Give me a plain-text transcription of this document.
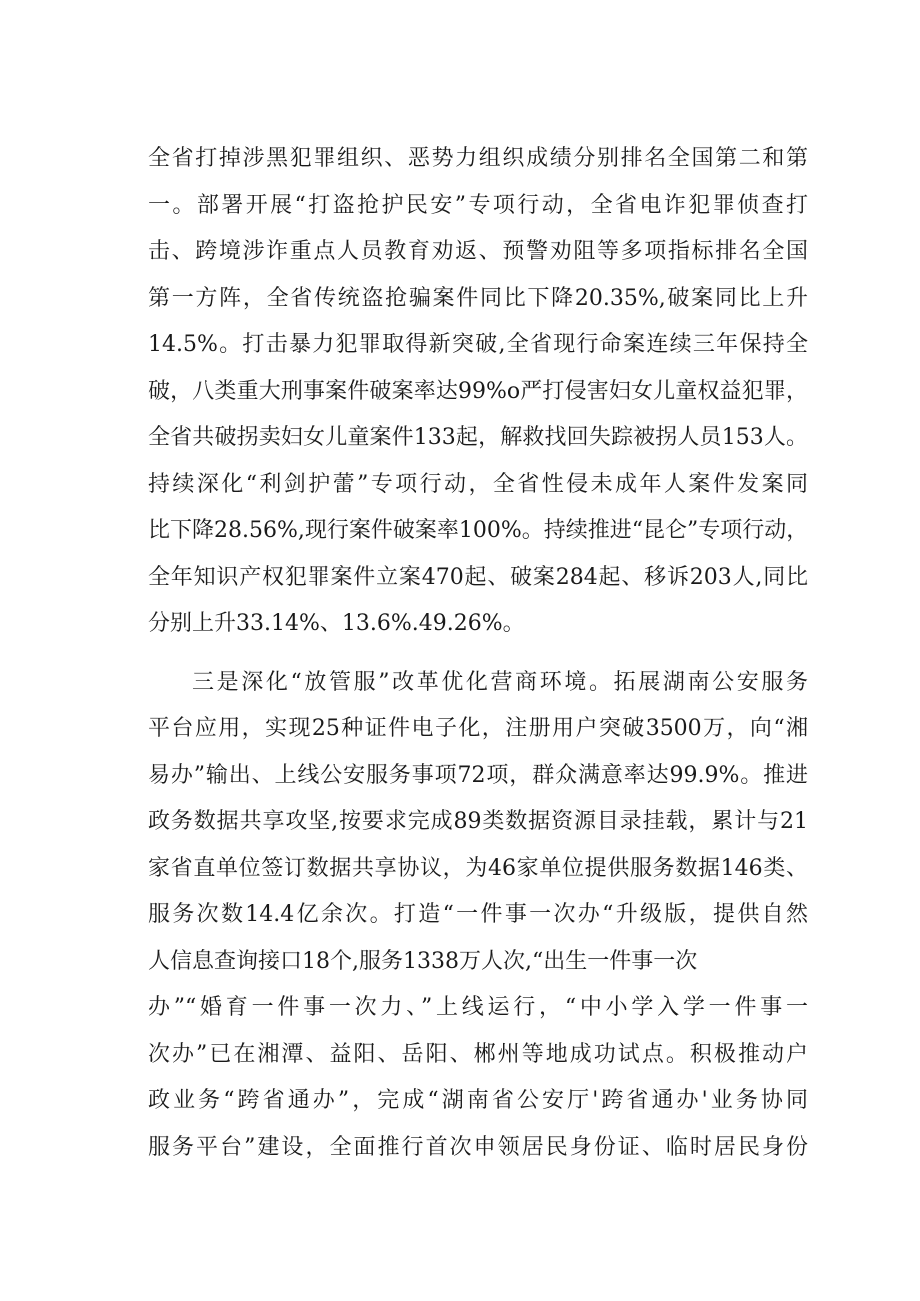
全省打掉涉黑犯罪组织、恶势力组织成绩分别排名全国第二和第
一。部署开展“打盗抢护民安”专项行动，全省电诈犯罪侦查打
击、跨境涉诈重点人员教育劝返、预警劝阻等多项指标排名全国
第一方阵，全省传统盗抢骗案件同比下降20.35%,破案同比上升
14.5%。打击暴力犯罪取得新突破,全省现行命案连续三年保持全
破，八类重大刑事案件破案率达99%o严打侵害妇女儿童权益犯罪，
全省共破拐卖妇女儿童案件133起，解救找回失踪被拐人员153人。
持续深化“利剑护蕾”专项行动，全省性侵未成年人案件发案同
比下降28.56%,现行案件破案率100%。持续推进“昆仑”专项行动，
全年知识产权犯罪案件立案470起、破案284起、移诉203人,同比
分别上升33.14%、13.6%.49.26%。
三是深化“放管服”改革优化营商环境。拓展湖南公安服务
平台应用，实现25种证件电子化，注册用户突破3500万，向“湘
易办”输出、上线公安服务事项72项，群众满意率达99.9%。推进
政务数据共享攻坚,按要求完成89类数据资源目录挂载，累计与21
家省直单位签订数据共享协议，为46家单位提供服务数据146类、
服务次数14.4亿余次。打造“一件事一次办“升级版，提供自然
人信息查询接口18个,服务1338万人次,“出生一件事一次
办”“婚育一件事一次力、”上线运行，“中小学入学一件事一
次办”已在湘潭、益阳、岳阳、郴州等地成功试点。积极推动户
政业务“跨省通办”，完成“湖南省公安厅'跨省通办'业务协同
服务平台”建设，全面推行首次申领居民身份证、临时居民身份
